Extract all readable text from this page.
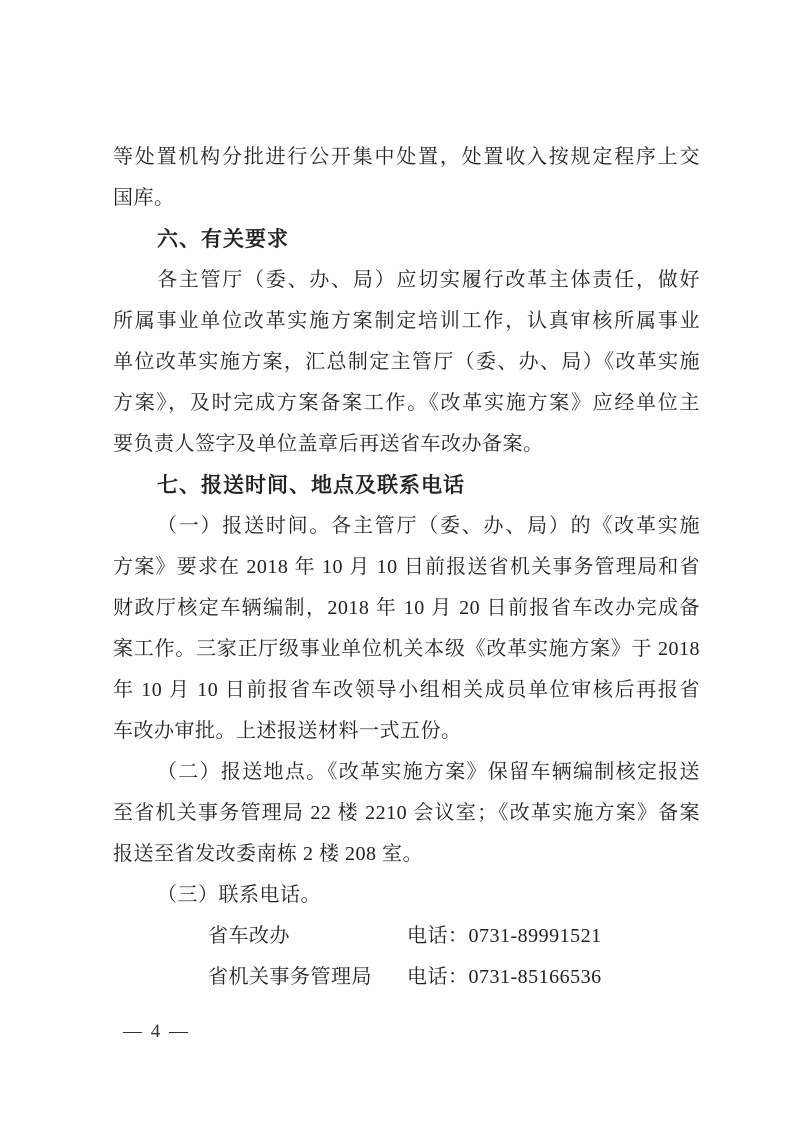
等处置机构分批进行公开集中处置，处置收入按规定程序上交
国库。
六、有关要求
各主管厅（委、办、局）应切实履行改革主体责任，做好
所属事业单位改革实施方案制定培训工作，认真审核所属事业
单位改革实施方案，汇总制定主管厅（委、办、局）《改革实施
方案》，及时完成方案备案工作。《改革实施方案》应经单位主
要负责人签字及单位盖章后再送省车改办备案。
七、报送时间、地点及联系电话
（一）报送时间。各主管厅（委、办、局）的《改革实施
方案》要求在 2018 年 10 月 10 日前报送省机关事务管理局和省
财政厅核定车辆编制，2018 年 10 月 20 日前报省车改办完成备
案工作。三家正厅级事业单位机关本级《改革实施方案》于 2018
年 10 月 10 日前报省车改领导小组相关成员单位审核后再报省
车改办审批。上述报送材料一式五份。
（二）报送地点。《改革实施方案》保留车辆编制核定报送
至省机关事务管理局 22 楼 2210 会议室；《改革实施方案》备案
报送至省发改委南栋 2 楼 208 室。
（三）联系电话。
省车改办	电话：0731-89991521
省机关事务管理局 电话：0731-85166536
— 4 —
